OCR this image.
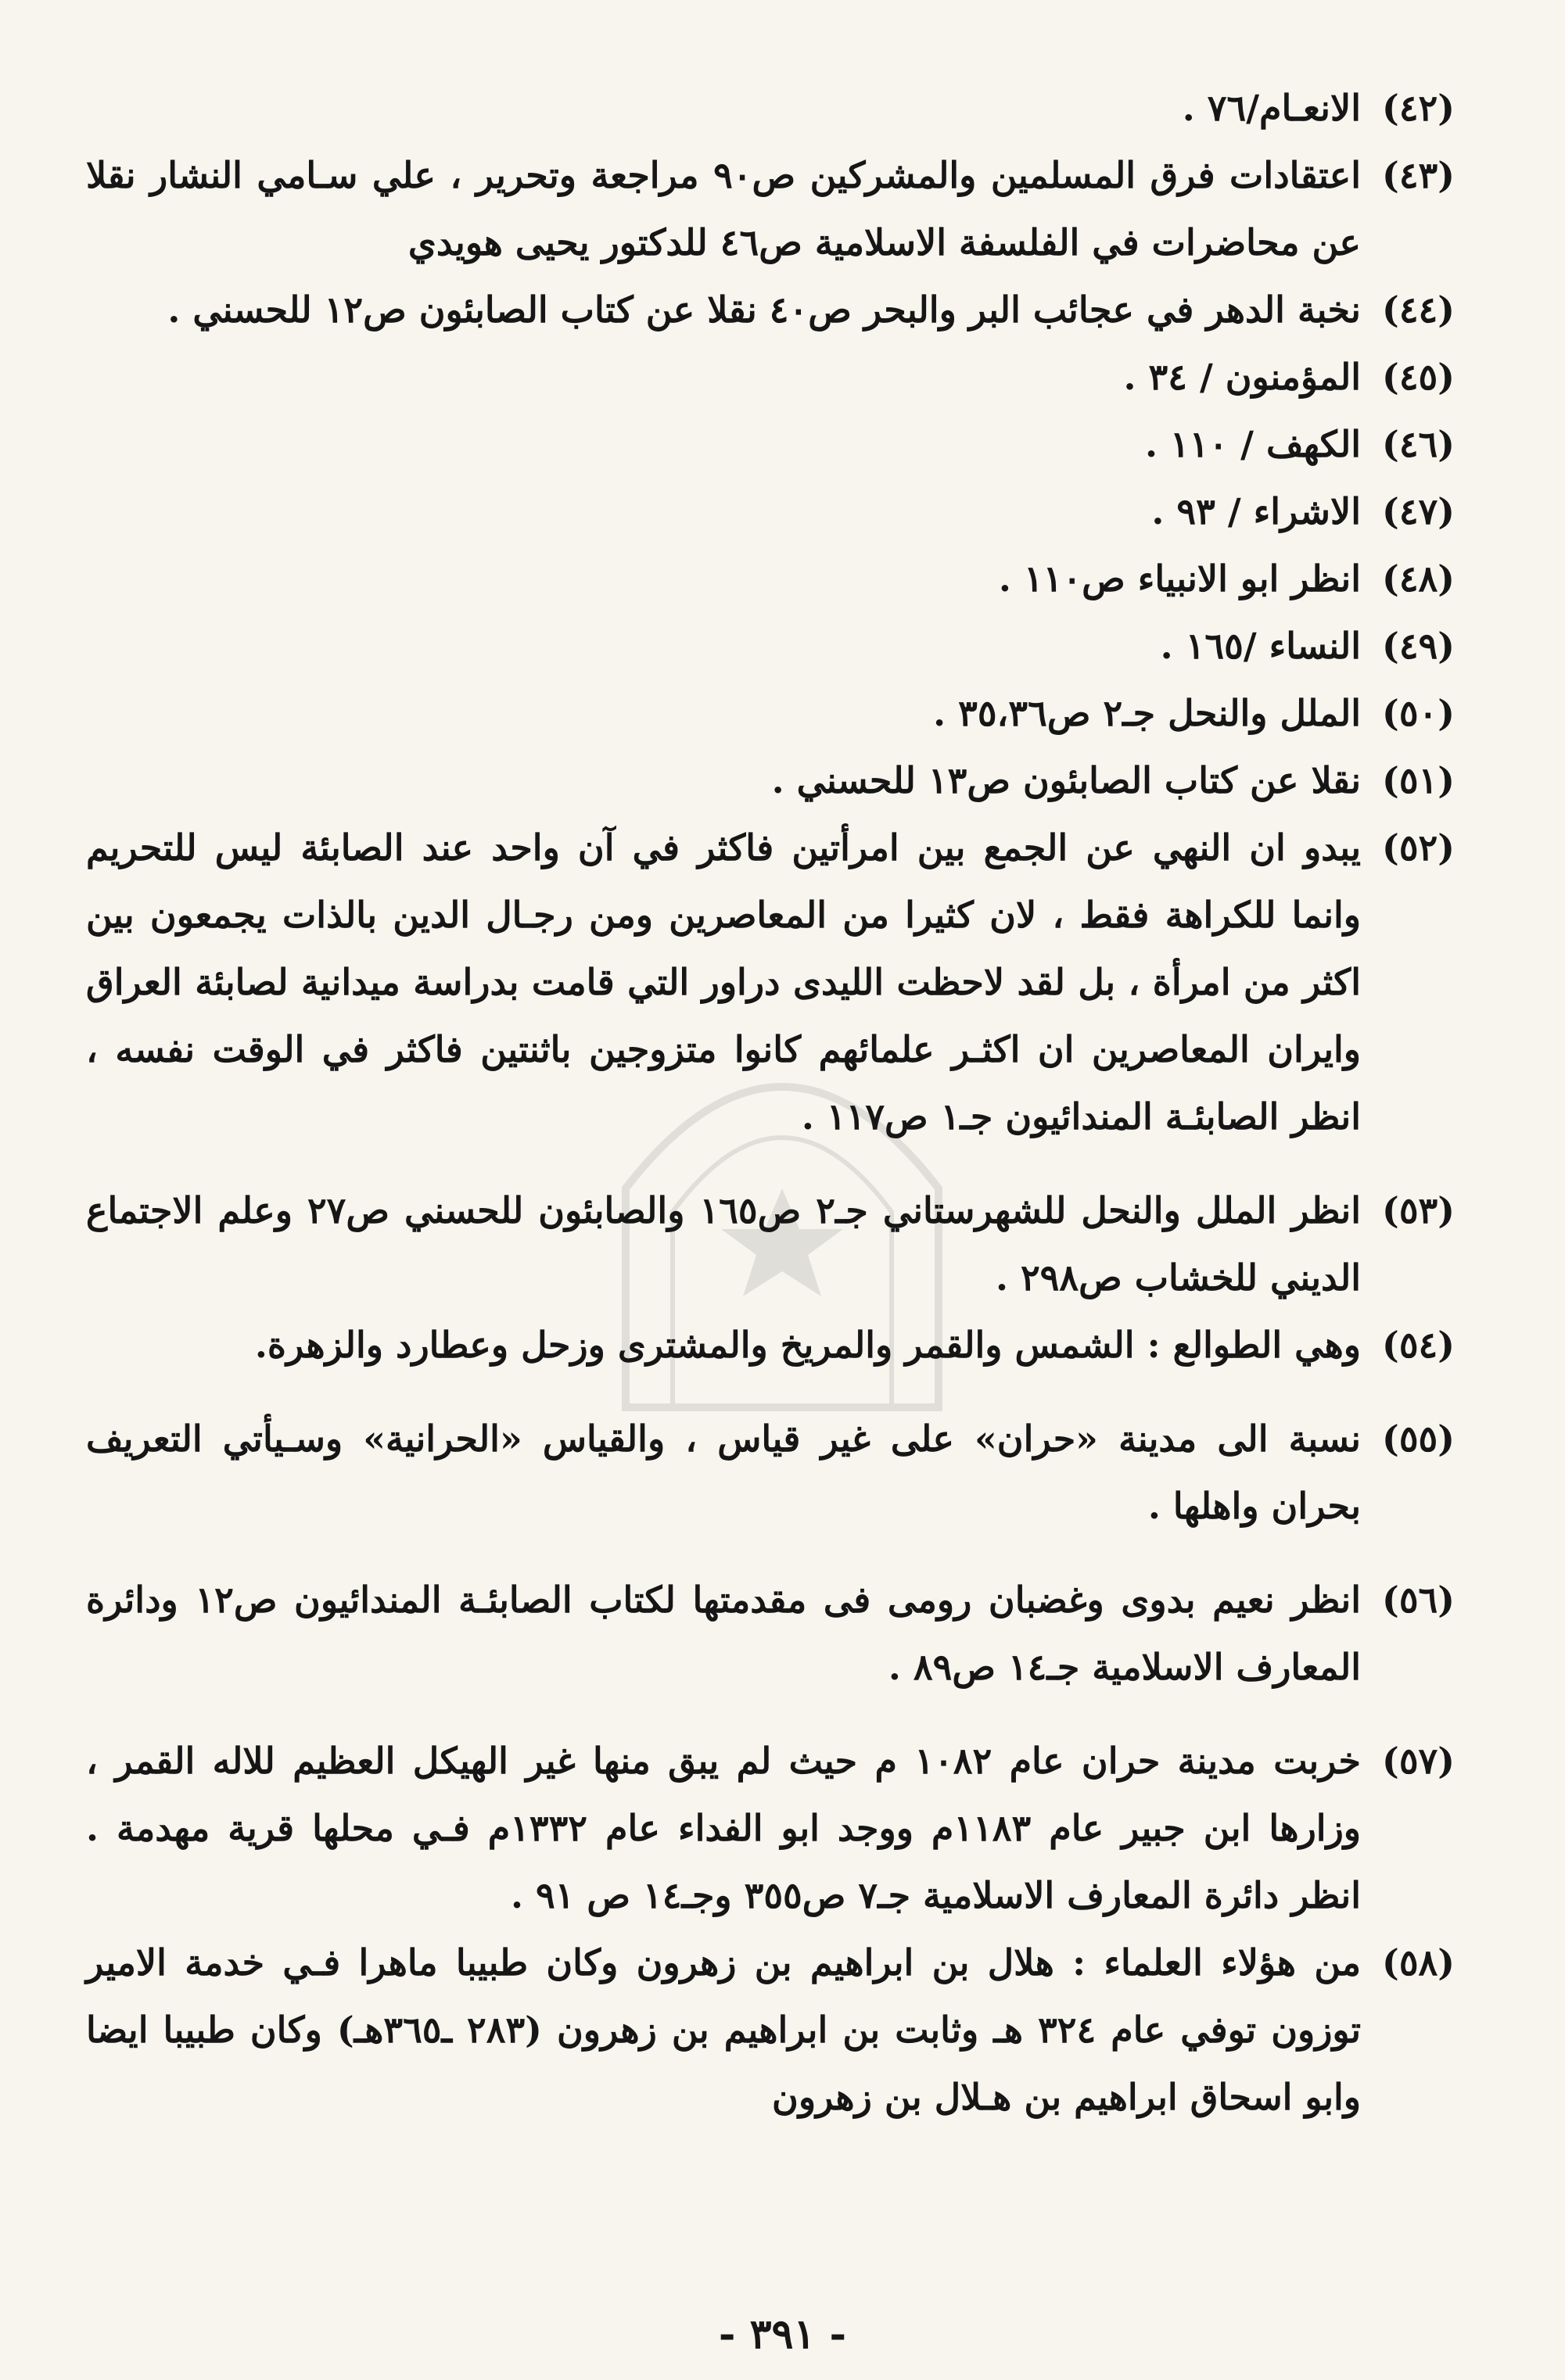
(٤٢)
الانعـام/٧٦ .
(٤٣)
اعتقادات فرق المسلمين والمشركين ص٩٠ مراجعة وتحرير ، علي سـامي النشار نقلا عن محاضرات في الفلسفة الاسلامية ص٤٦ للدكتور يحيى هويدي
(٤٤)
نخبة الدهر في عجائب البر والبحر ص٤٠ نقلا عن كتاب الصابئون ص١٢ للحسني .
(٤٥)
المؤمنون / ٣٤ .
(٤٦)
الكهف / ١١٠ .
(٤٧)
الاشراء / ٩٣ .
(٤٨)
انظر ابو الانبياء ص١١٠ .
(٤٩)
النساء /١٦٥ .
(٥٠)
الملل والنحل جـ٢ ص٣٥،٣٦ .
(٥١)
نقلا عن كتاب الصابئون ص١٣ للحسني .
(٥٢)
يبدو ان النهي عن الجمع بين امرأتين فاكثر في آن واحد عند الصابئة ليس للتحريم وانما للكراهة فقط ، لان كثيرا من المعاصرين ومن رجـال الدين بالذات يجمعون بين اكثر من امرأة ، بل لقد لاحظت الليدى دراور التي قامت بدراسة ميدانية لصابئة العراق وايران المعاصرين ان اكثـر علمائهم كانوا متزوجين باثنتين فاكثر في الوقت نفسه ، انظر الصابئـة المندائيون جـ١ ص١١٧ .
(٥٣)
انظر الملل والنحل للشهرستاني جـ٢ ص١٦٥ والصابئون للحسني ص٢٧ وعلم الاجتماع الديني للخشاب ص٢٩٨ .
(٥٤)
وهي الطوالع : الشمس والقمر والمريخ والمشترى وزحل وعطارد والزهرة.
(٥٥)
نسبة الى مدينة «حران» على غير قياس ، والقياس «الحرانية» وسـيأتي التعريف بحران واهلها .
(٥٦)
انظر نعيم بدوى وغضبان رومى فى مقدمتها لكتاب الصابئـة المندائيون ص١٢ ودائرة المعارف الاسلامية جـ١٤ ص٨٩ .
(٥٧)
خربت مدينة حران عام ١٠٨٢ م حيث لم يبق منها غير الهيكل العظيم للاله القمر ، وزارها ابن جبير عام ١١٨٣م ووجد ابو الفداء عام ١٣٣٢م فـي محلها قرية مهدمة . انظر دائرة المعارف الاسلامية جـ٧ ص٣٥٥ وجـ١٤ ص ٩١ .
(٥٨)
من هؤلاء العلماء : هلال بن ابراهيم بن زهرون وكان طبيبا ماهرا فـي خدمة الامير توزون توفي عام ٣٢٤ هـ وثابت بن ابراهيم بن زهرون (٢٨٣ ـ٣٦٥هـ) وكان طبيبا ايضا وابو اسحاق ابراهيم بن هـلال بن زهرون
- ٣٩١ -
